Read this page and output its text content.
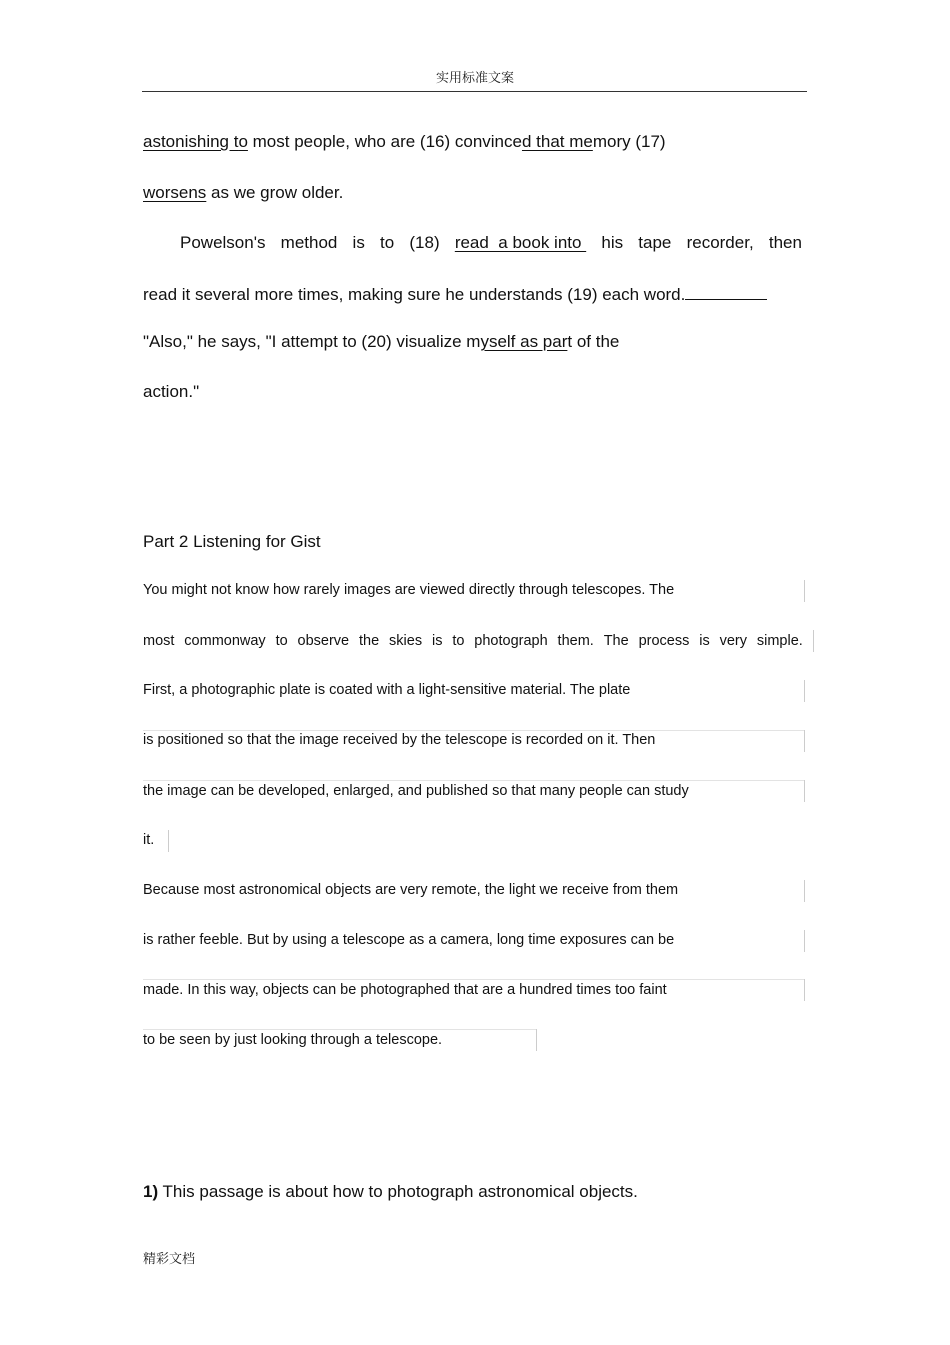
实用标准文案
astonishing to most people, who are (16) convinced that memory (17)
worsens as we grow older.
Powelson's method is to (18) read  a book into his tape recorder, then
read it several more times, making sure he understands (19) each word.
"Also," he says, "I attempt to (20) visualize myself as part of the
action."
Part 2 Listening for Gist
You might not know how rarely images are viewed directly through telescopes. The
most commonway to observe the skies is to photograph them. The process is very simple.
First, a photographic plate is coated with a light-sensitive material. The plate
is positioned so that the image received by the telescope is recorded on it. Then
the image can be developed, enlarged, and published so that many people can study
it.
Because most astronomical objects are very remote, the light we receive from them
is rather feeble. But by using a telescope as a camera, long time exposures can be
made. In this way, objects can be photographed that are a hundred times too faint
to be seen by just looking through a telescope.
1) This passage is about how to photograph astronomical objects.
精彩文档
